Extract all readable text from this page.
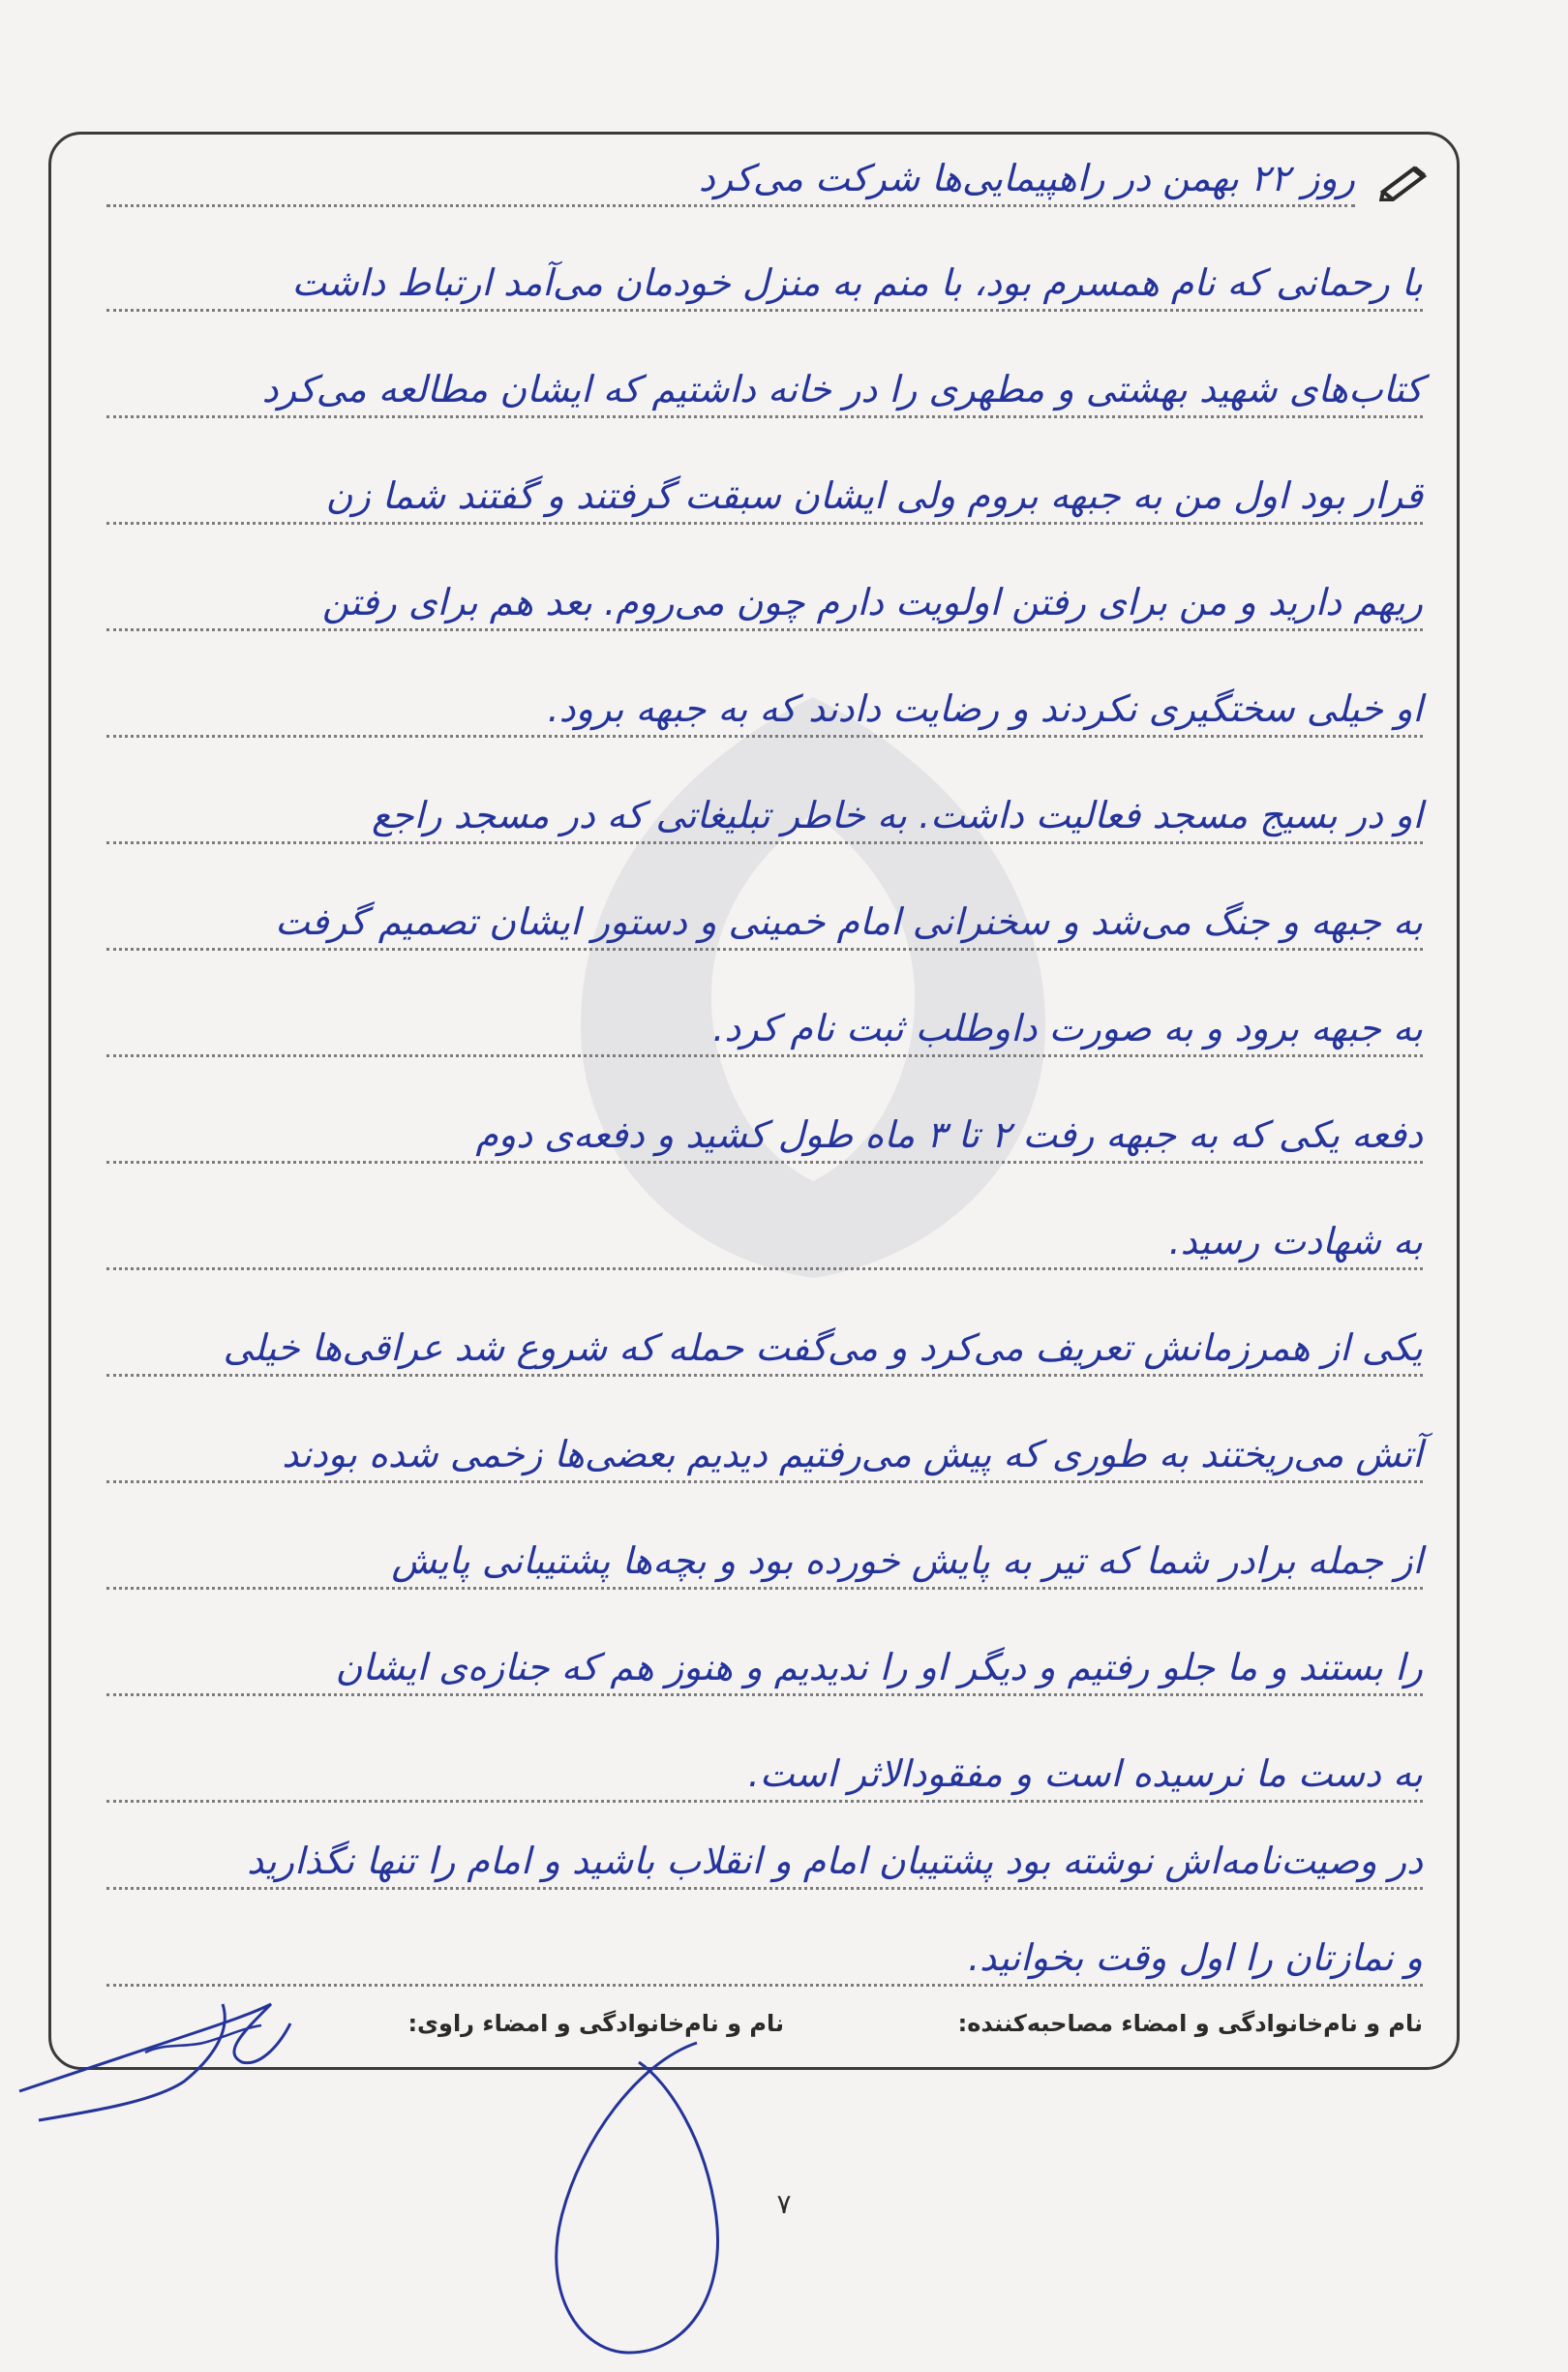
روز ۲۲ بهمن در راهپیمایی‌ها شرکت می‌کرد
با رحمانی که نام همسرم بود، با منم به منزل خودمان می‌آمد ارتباط داشت
کتاب‌های شهید بهشتی و مطهری را در خانه داشتیم که ایشان مطالعه می‌کرد
قرار بود اول من به جبهه بروم ولی ایشان سبقت گرفتند و گفتند شما زن
ریهم دارید و من برای رفتن اولویت دارم چون می‌روم. بعد هم برای رفتن
او خیلی سختگیری نکردند و رضایت دادند که به جبهه برود.
او در بسیج مسجد فعالیت داشت. به خاطر تبلیغاتی که در مسجد راجع
به جبهه و جنگ می‌شد و سخنرانی امام خمینی و دستور ایشان تصمیم گرفت
به جبهه برود و به صورت داوطلب ثبت نام کرد.
دفعه یکی که به جبهه رفت ۲ تا ۳ ماه طول کشید و دفعه‌ی دوم
به شهادت رسید.
یکی از همرزمانش تعریف می‌کرد و می‌گفت حمله که شروع شد عراقی‌ها خیلی
آتش می‌ریختند به طوری که پیش می‌رفتیم دیدیم بعضی‌ها زخمی شده بودند
از جمله برادر شما که تیر به پایش خورده بود و بچه‌ها پشتیبانی پایش
را بستند و ما جلو رفتیم و دیگر او را ندیدیم و هنوز هم که جنازه‌ی ایشان
به دست ما نرسیده است و مفقودالاثر است.
در وصیت‌نامه‌اش نوشته بود پشتیبان امام و انقلاب باشید و امام را تنها نگذارید
و نمازتان را اول وقت بخوانید.
نام و نام‌خانوادگی و امضاء مصاحبه‌کننده:
نام و نام‌خانوادگی و امضاء راوی:
۷
